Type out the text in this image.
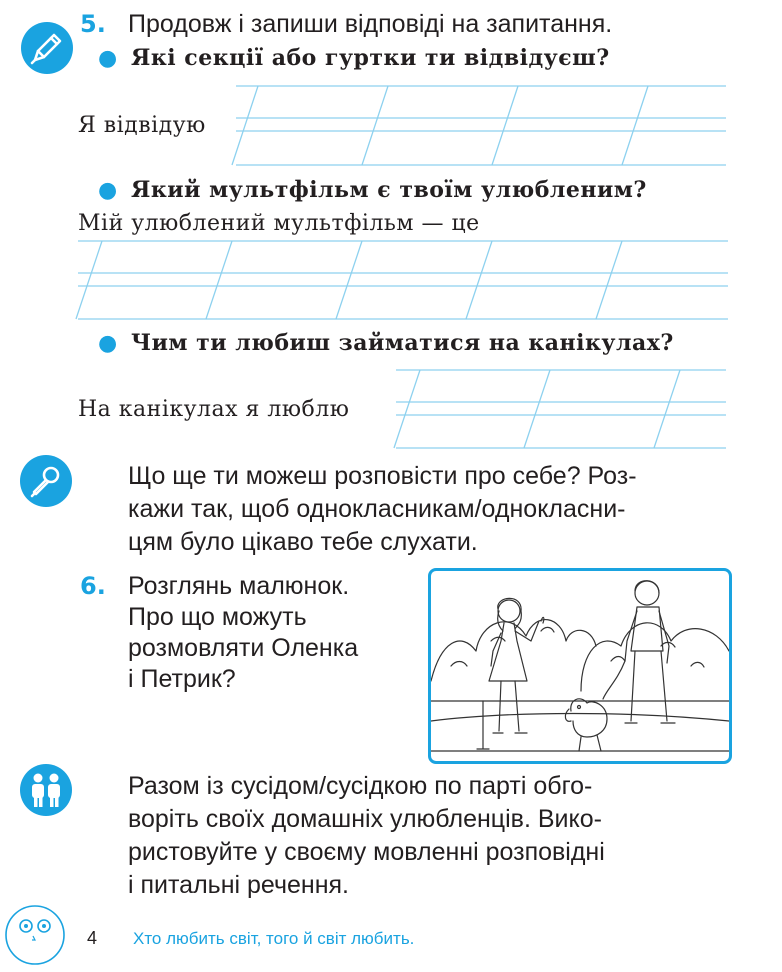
5. Продовж і запиши відповіді на запитання.
● Які секції або гуртки ти відвідуєш?
Я відвідую
● Який мультфільм є твоїм улюбленим?
Мій улюблений мультфільм — це
● Чим ти любиш займатися на канікулах?
На канікулах я люблю
Що ще ти можеш розповісти про себе? Роз-
кажи так, щоб однокласникам/однокласни-
цям було цікаво тебе слухати.
6. Розглянь малюнок.
Про що можуть
розмовляти Оленка
і Петрик?
Разом із сусідом/сусідкою по парті обго-
воріть своїх домашніх улюбленців. Вико-
ристовуйте у своєму мовленні розповідні
і питальні речення.
4 Хто любить світ, того й світ любить.
